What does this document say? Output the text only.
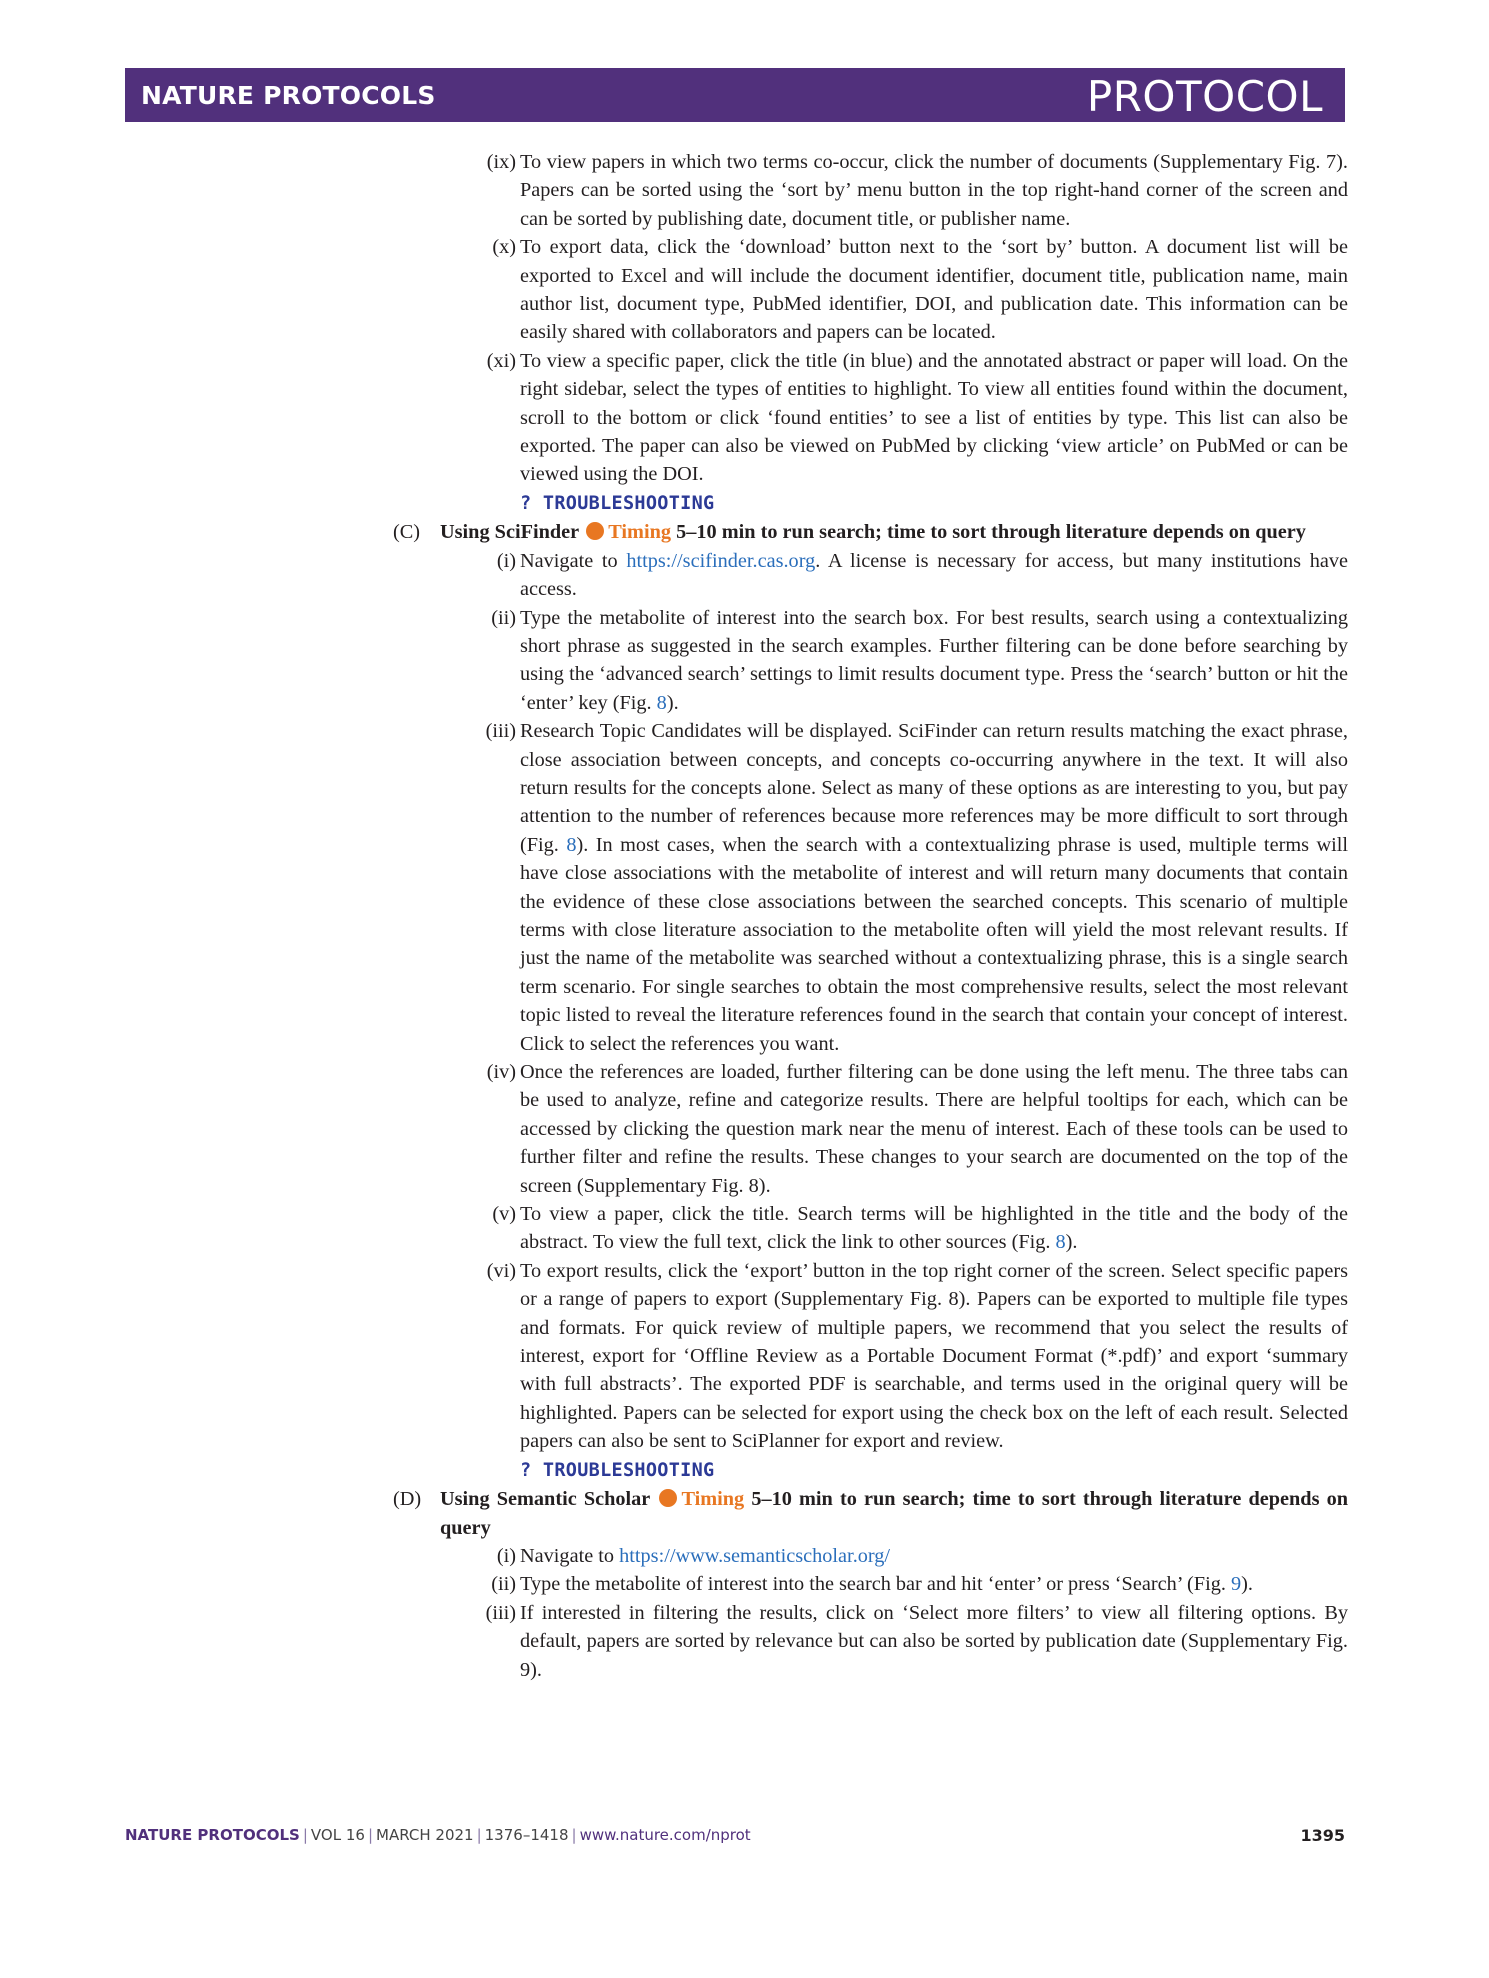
NATURE PROTOCOLS	PROTOCOL
(ix) To view papers in which two terms co-occur, click the number of documents (Supplementary Fig. 7). Papers can be sorted using the ‘sort by’ menu button in the top right-hand corner of the screen and can be sorted by publishing date, document title, or publisher name.
(x) To export data, click the ‘download’ button next to the ‘sort by’ button. A document list will be exported to Excel and will include the document identifier, document title, publication name, main author list, document type, PubMed identifier, DOI, and publication date. This information can be easily shared with collaborators and papers can be located.
(xi) To view a specific paper, click the title (in blue) and the annotated abstract or paper will load. On the right sidebar, select the types of entities to highlight. To view all entities found within the document, scroll to the bottom or click ‘found entities’ to see a list of entities by type. This list can also be exported. The paper can also be viewed on PubMed by clicking ‘view article’ on PubMed or can be viewed using the DOI.
? TROUBLESHOOTING
(C) Using SciFinder Timing 5–10 min to run search; time to sort through literature depends on query
(i) Navigate to https://scifinder.cas.org. A license is necessary for access, but many institutions have access.
(ii) Type the metabolite of interest into the search box. For best results, search using a contextualizing short phrase as suggested in the search examples. Further filtering can be done before searching by using the ‘advanced search’ settings to limit results document type. Press the ‘search’ button or hit the ‘enter’ key (Fig. 8).
(iii) Research Topic Candidates will be displayed. SciFinder can return results matching the exact phrase, close association between concepts, and concepts co-occurring anywhere in the text. It will also return results for the concepts alone. Select as many of these options as are interesting to you, but pay attention to the number of references because more references may be more difficult to sort through (Fig. 8). In most cases, when the search with a contextualizing phrase is used, multiple terms will have close associations with the metabolite of interest and will return many documents that contain the evidence of these close associations between the searched concepts. This scenario of multiple terms with close literature association to the metabolite often will yield the most relevant results. If just the name of the metabolite was searched without a contextualizing phrase, this is a single search term scenario. For single searches to obtain the most comprehensive results, select the most relevant topic listed to reveal the literature references found in the search that contain your concept of interest. Click to select the references you want.
(iv) Once the references are loaded, further filtering can be done using the left menu. The three tabs can be used to analyze, refine and categorize results. There are helpful tooltips for each, which can be accessed by clicking the question mark near the menu of interest. Each of these tools can be used to further filter and refine the results. These changes to your search are documented on the top of the screen (Supplementary Fig. 8).
(v) To view a paper, click the title. Search terms will be highlighted in the title and the body of the abstract. To view the full text, click the link to other sources (Fig. 8).
(vi) To export results, click the ‘export’ button in the top right corner of the screen. Select specific papers or a range of papers to export (Supplementary Fig. 8). Papers can be exported to multiple file types and formats. For quick review of multiple papers, we recommend that you select the results of interest, export for ‘Offline Review as a Portable Document Format (*.pdf)’ and export ‘summary with full abstracts’. The exported PDF is searchable, and terms used in the original query will be highlighted. Papers can be selected for export using the check box on the left of each result. Selected papers can also be sent to SciPlanner for export and review.
? TROUBLESHOOTING
(D) Using Semantic Scholar Timing 5–10 min to run search; time to sort through literature depends on query
(i) Navigate to https://www.semanticscholar.org/
(ii) Type the metabolite of interest into the search bar and hit ‘enter’ or press ‘Search’ (Fig. 9).
(iii) If interested in filtering the results, click on ‘Select more filters’ to view all filtering options. By default, papers are sorted by relevance but can also be sorted by publication date (Supplementary Fig. 9).
NATURE PROTOCOLS | VOL 16 | MARCH 2021 | 1376–1418 | www.nature.com/nprot	1395
